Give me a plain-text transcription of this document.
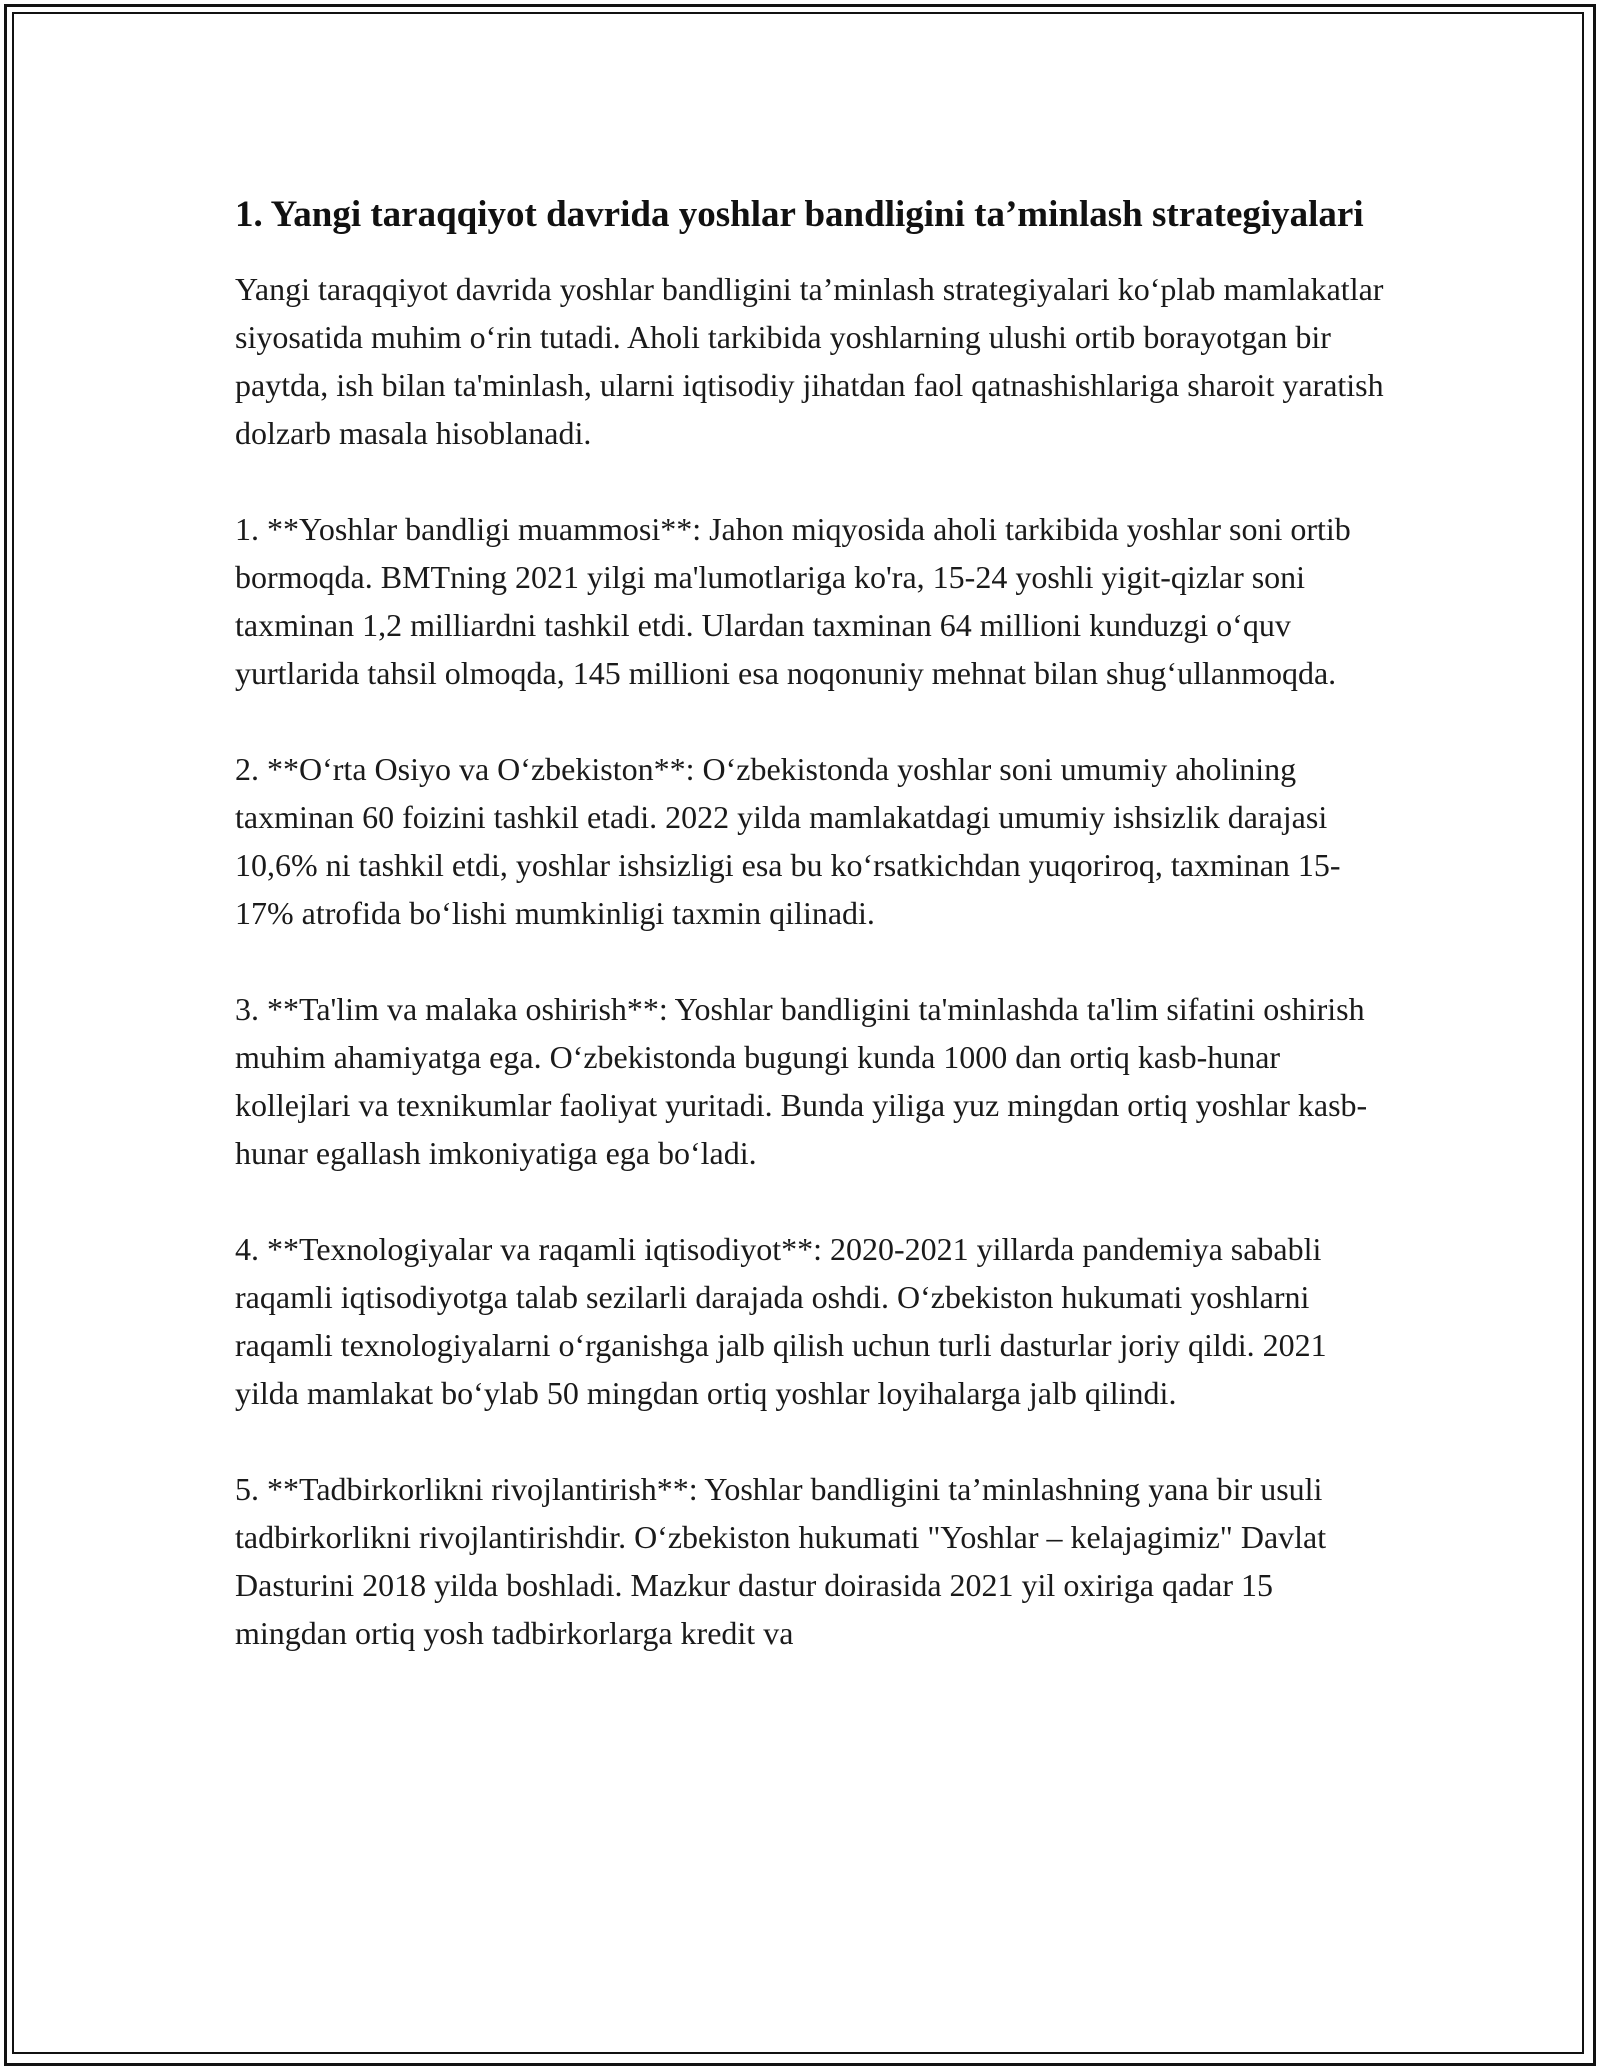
1. Yangi taraqqiyot davrida yoshlar bandligini ta’minlash strategiyalari

Yangi taraqqiyot davrida yoshlar bandligini ta’minlash strategiyalari ko‘plab mamlakatlar siyosatida muhim o‘rin tutadi. Aholi tarkibida yoshlarning ulushi ortib borayotgan bir paytda, ish bilan ta'minlash, ularni iqtisodiy jihatdan faol qatnashishlariga sharoit yaratish dolzarb masala hisoblanadi.

1. **Yoshlar bandligi muammosi**: Jahon miqyosida aholi tarkibida yoshlar soni ortib bormoqda. BMTning 2021 yilgi ma'lumotlariga ko'ra, 15-24 yoshli yigit-qizlar soni taxminan 1,2 milliardni tashkil etdi. Ulardan taxminan 64 millioni kunduzgi o‘quv yurtlarida tahsil olmoqda, 145 millioni esa noqonuniy mehnat bilan shug‘ullanmoqda.

2. **O‘rta Osiyo va O‘zbekiston**: O‘zbekistonda yoshlar soni umumiy aholining taxminan 60 foizini tashkil etadi. 2022 yilda mamlakatdagi umumiy ishsizlik darajasi 10,6% ni tashkil etdi, yoshlar ishsizligi esa bu ko‘rsatkichdan yuqoriroq, taxminan 15-17% atrofida bo‘lishi mumkinligi taxmin qilinadi.

3. **Ta'lim va malaka oshirish**: Yoshlar bandligini ta'minlashda ta'lim sifatini oshirish muhim ahamiyatga ega. O‘zbekistonda bugungi kunda 1000 dan ortiq kasb-hunar kollejlari va texnikumlar faoliyat yuritadi. Bunda yiliga yuz mingdan ortiq yoshlar kasb-hunar egallash imkoniyatiga ega bo‘ladi.

4. **Texnologiyalar va raqamli iqtisodiyot**: 2020-2021 yillarda pandemiya sababli raqamli iqtisodiyotga talab sezilarli darajada oshdi. O‘zbekiston hukumati yoshlarni raqamli texnologiyalarni o‘rganishga jalb qilish uchun turli dasturlar joriy qildi. 2021 yilda mamlakat bo‘ylab 50 mingdan ortiq yoshlar loyihalarga jalb qilindi.

5. **Tadbirkorlikni rivojlantirish**: Yoshlar bandligini ta’minlashning yana bir usuli tadbirkorlikni rivojlantirishdir. O‘zbekiston hukumati "Yoshlar – kelajagimiz" Davlat Dasturini 2018 yilda boshladi. Mazkur dastur doirasida 2021 yil oxiriga qadar 15 mingdan ortiq yosh tadbirkorlarga kredit va
